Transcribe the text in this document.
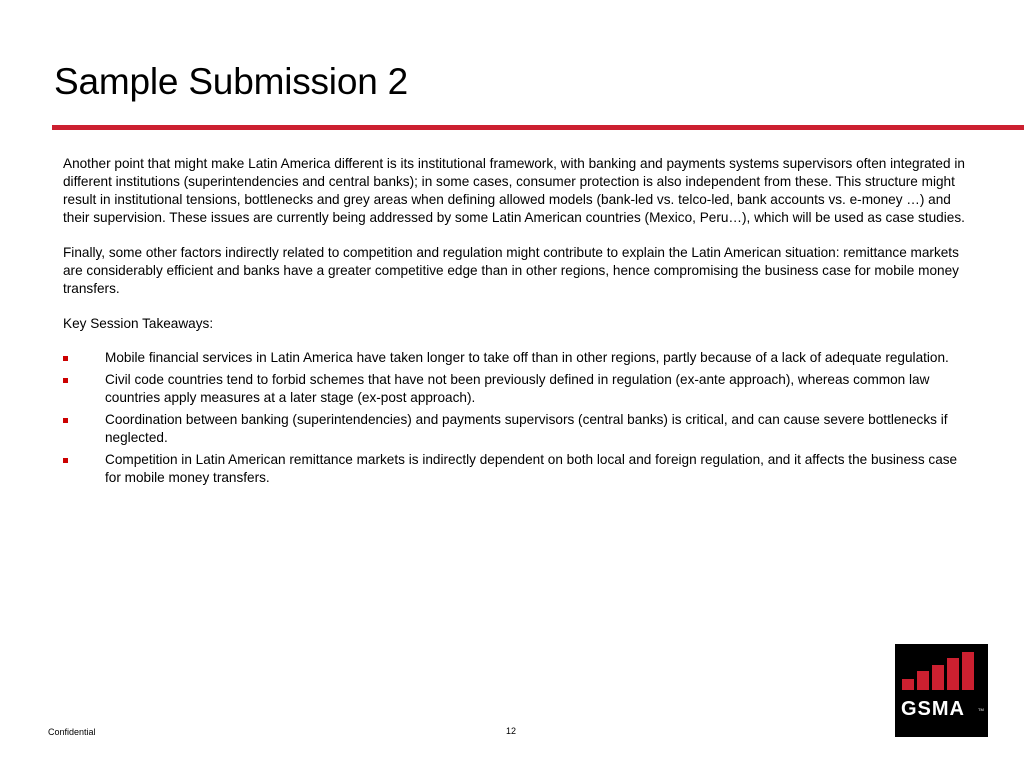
Sample Submission 2

Another point that might make Latin America different is its institutional framework, with banking and payments systems supervisors often integrated in different institutions (superintendencies and central banks); in some cases, consumer protection is also independent from these. This structure might result in institutional tensions, bottlenecks and grey areas when defining allowed models (bank-led vs. telco-led, bank accounts vs. e-money …) and their supervision. These issues are currently being addressed by some Latin American countries (Mexico, Peru…), which will be used as case studies.

Finally, some other factors indirectly related to competition and regulation might contribute to explain the Latin American situation: remittance markets are considerably efficient and banks have a greater competitive edge than in other regions, hence compromising the business case for mobile money transfers.

Key Session Takeaways:

Mobile financial services in Latin America have taken longer to take off than in other regions, partly because of a lack of adequate regulation.
Civil code countries tend to forbid schemes that have not been previously defined in regulation (ex-ante approach), whereas common law countries apply measures at a later stage (ex-post approach).
Coordination between banking (superintendencies) and payments supervisors (central banks) is critical, and can cause severe bottlenecks if neglected.
Competition in Latin American remittance markets is indirectly dependent on both local and foreign regulation, and it affects the business case for mobile money transfers.
Confidential	12
GSMA	TM
